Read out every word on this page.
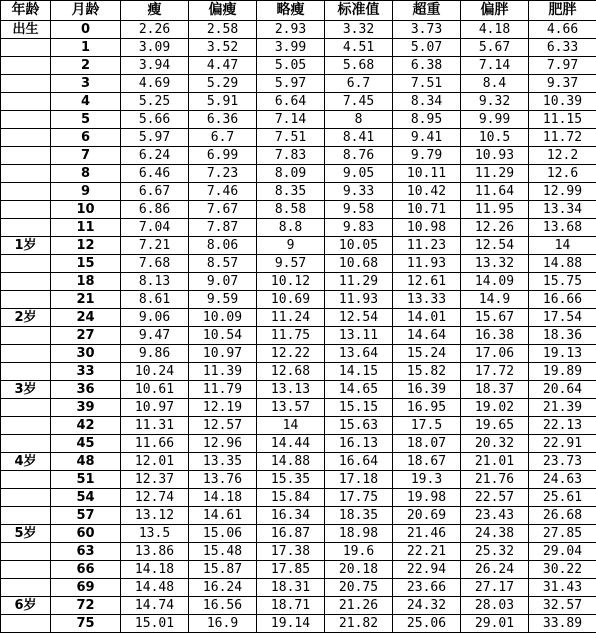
年龄	月龄	瘦	偏瘦	略瘦	标准值	超重	偏胖	肥胖
出生	0	2.26	2.58	2.93	3.32	3.73	4.18	4.66
	1	3.09	3.52	3.99	4.51	5.07	5.67	6.33
	2	3.94	4.47	5.05	5.68	6.38	7.14	7.97
	3	4.69	5.29	5.97	6.7	7.51	8.4	9.37
	4	5.25	5.91	6.64	7.45	8.34	9.32	10.39
	5	5.66	6.36	7.14	8	8.95	9.99	11.15
	6	5.97	6.7	7.51	8.41	9.41	10.5	11.72
	7	6.24	6.99	7.83	8.76	9.79	10.93	12.2
	8	6.46	7.23	8.09	9.05	10.11	11.29	12.6
	9	6.67	7.46	8.35	9.33	10.42	11.64	12.99
	10	6.86	7.67	8.58	9.58	10.71	11.95	13.34
	11	7.04	7.87	8.8	9.83	10.98	12.26	13.68
1岁	12	7.21	8.06	9	10.05	11.23	12.54	14
	15	7.68	8.57	9.57	10.68	11.93	13.32	14.88
	18	8.13	9.07	10.12	11.29	12.61	14.09	15.75
	21	8.61	9.59	10.69	11.93	13.33	14.9	16.66
2岁	24	9.06	10.09	11.24	12.54	14.01	15.67	17.54
	27	9.47	10.54	11.75	13.11	14.64	16.38	18.36
	30	9.86	10.97	12.22	13.64	15.24	17.06	19.13
	33	10.24	11.39	12.68	14.15	15.82	17.72	19.89
3岁	36	10.61	11.79	13.13	14.65	16.39	18.37	20.64
	39	10.97	12.19	13.57	15.15	16.95	19.02	21.39
	42	11.31	12.57	14	15.63	17.5	19.65	22.13
	45	11.66	12.96	14.44	16.13	18.07	20.32	22.91
4岁	48	12.01	13.35	14.88	16.64	18.67	21.01	23.73
	51	12.37	13.76	15.35	17.18	19.3	21.76	24.63
	54	12.74	14.18	15.84	17.75	19.98	22.57	25.61
	57	13.12	14.61	16.34	18.35	20.69	23.43	26.68
5岁	60	13.5	15.06	16.87	18.98	21.46	24.38	27.85
	63	13.86	15.48	17.38	19.6	22.21	25.32	29.04
	66	14.18	15.87	17.85	20.18	22.94	26.24	30.22
	69	14.48	16.24	18.31	20.75	23.66	27.17	31.43
6岁	72	14.74	16.56	18.71	21.26	24.32	28.03	32.57
	75	15.01	16.9	19.14	21.82	25.06	29.01	33.89
